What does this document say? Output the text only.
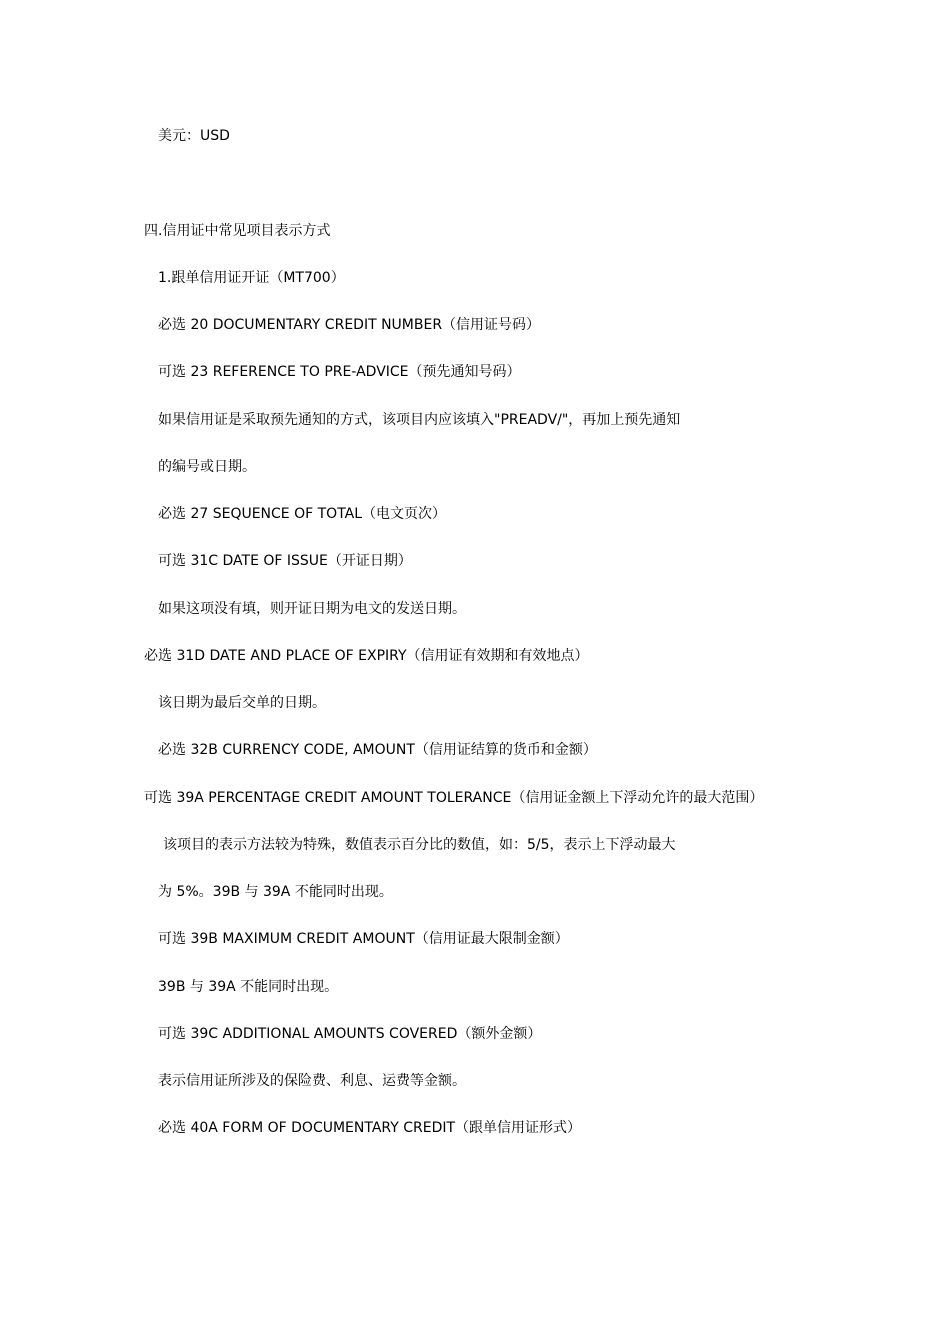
美元：USD
四.信用证中常见项目表示方式
1.跟单信用证开证（MT700）
必选 20 DOCUMENTARY CREDIT NUMBER（信用证号码）
可选 23 REFERENCE TO PRE-ADVICE（预先通知号码）
如果信用证是采取预先通知的方式，该项目内应该填入"PREADV/"，再加上预先通知
的编号或日期。
必选 27 SEQUENCE OF TOTAL（电文页次）
可选 31C DATE OF ISSUE（开证日期）
如果这项没有填，则开证日期为电文的发送日期。
必选 31D DATE AND PLACE OF EXPIRY（信用证有效期和有效地点）
该日期为最后交单的日期。
必选 32B CURRENCY CODE, AMOUNT（信用证结算的货币和金额）
可选 39A PERCENTAGE CREDIT AMOUNT TOLERANCE（信用证金额上下浮动允许的最大范围）
该项目的表示方法较为特殊，数值表示百分比的数值，如：5/5，表示上下浮动最大
为 5%。39B 与 39A 不能同时出现。
可选 39B MAXIMUM CREDIT AMOUNT（信用证最大限制金额）
39B 与 39A 不能同时出现。
可选 39C ADDITIONAL AMOUNTS COVERED（额外金额）
表示信用证所涉及的保险费、利息、运费等金额。
必选 40A FORM OF DOCUMENTARY CREDIT（跟单信用证形式）
